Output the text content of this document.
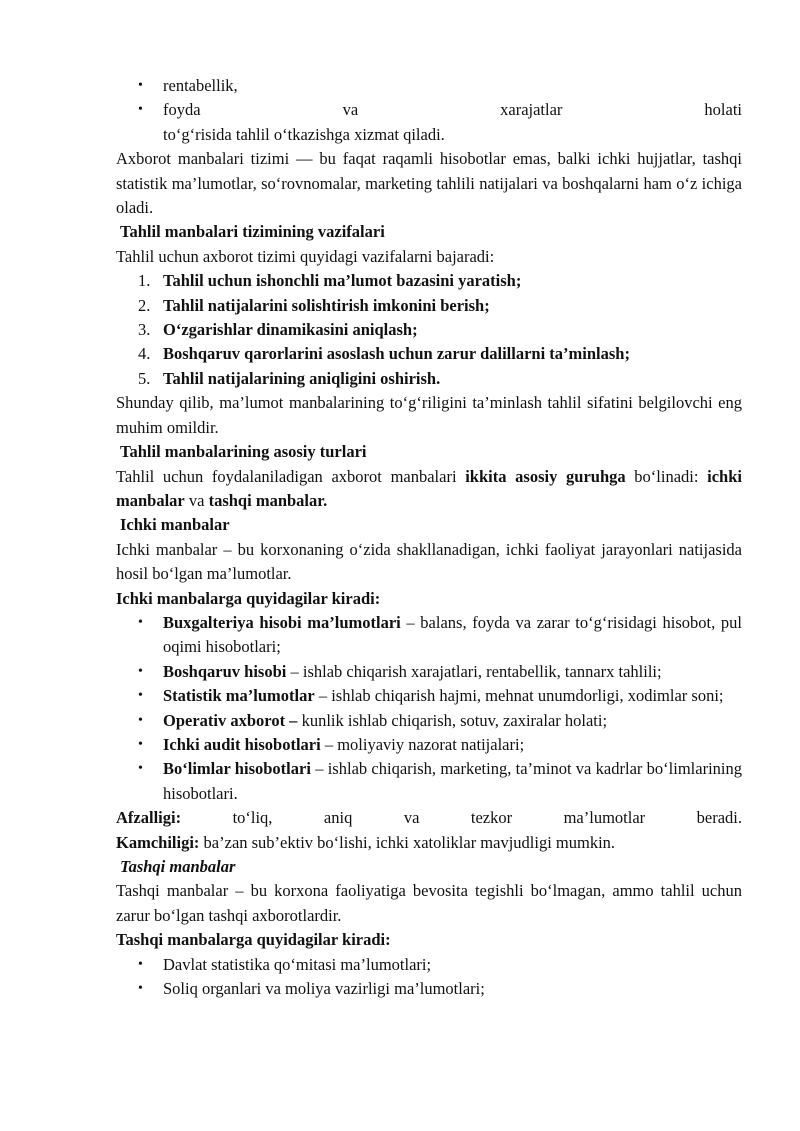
• rentabellik,
• foyda va xarajatlar holati
to‘g‘risida tahlil o‘tkazishga xizmat qiladi.

Axborot manbalari tizimi — bu faqat raqamli hisobotlar emas, balki ichki hujjatlar, tashqi statistik ma’lumotlar, so‘rovnomalar, marketing tahlili natijalari va boshqalarni ham o‘z ichiga oladi.

Tahlil manbalari tizimining vazifalari

Tahlil uchun axborot tizimi quyidagi vazifalarni bajaradi:

1. Tahlil uchun ishonchli ma’lumot bazasini yaratish;
2. Tahlil natijalarini solishtirish imkonini berish;
3. O‘zgarishlar dinamikasini aniqlash;
4. Boshqaruv qarorlarini asoslash uchun zarur dalillarni ta’minlash;
5. Tahlil natijalarining aniqligini oshirish.

Shunday qilib, ma’lumot manbalarining to‘g‘riligini ta’minlash tahlil sifatini belgilovchi eng muhim omildir.

Tahlil manbalarining asosiy turlari

Tahlil uchun foydalaniladigan axborot manbalari ikkita asosiy guruhga bo‘linadi: ichki manbalar va tashqi manbalar.

Ichki manbalar

Ichki manbalar – bu korxonaning o‘zida shakllanadigan, ichki faoliyat jarayonlari natijasida hosil bo‘lgan ma’lumotlar.

Ichki manbalarga quyidagilar kiradi:
• Buxgalteriya hisobi ma’lumotlari – balans, foyda va zarar to‘g‘risidagi hisobot, pul oqimi hisobotlari;
• Boshqaruv hisobi – ishlab chiqarish xarajatlari, rentabellik, tannarx tahlili;
• Statistik ma’lumotlar – ishlab chiqarish hajmi, mehnat unumdorligi, xodimlar soni;
• Operativ axborot – kunlik ishlab chiqarish, sotuv, zaxiralar holati;
• Ichki audit hisobotlari – moliyaviy nazorat natijalari;
• Bo‘limlar hisobotlari – ishlab chiqarish, marketing, ta’minot va kadrlar bo‘limlarining hisobotlari.
Afzalligi: to‘liq, aniq va tezkor ma’lumotlar beradi.
Kamchiligi: ba’zan sub’ektiv bo‘lishi, ichki xatoliklar mavjudligi mumkin.
Tashqi manbalar

Tashqi manbalar – bu korxona faoliyatiga bevosita tegishli bo‘lmagan, ammo tahlil uchun zarur bo‘lgan tashqi axborotlardir.

Tashqi manbalarga quyidagilar kiradi:
• Davlat statistika qo‘mitasi ma’lumotlari;
• Soliq organlari va moliya vazirligi ma’lumotlari;
